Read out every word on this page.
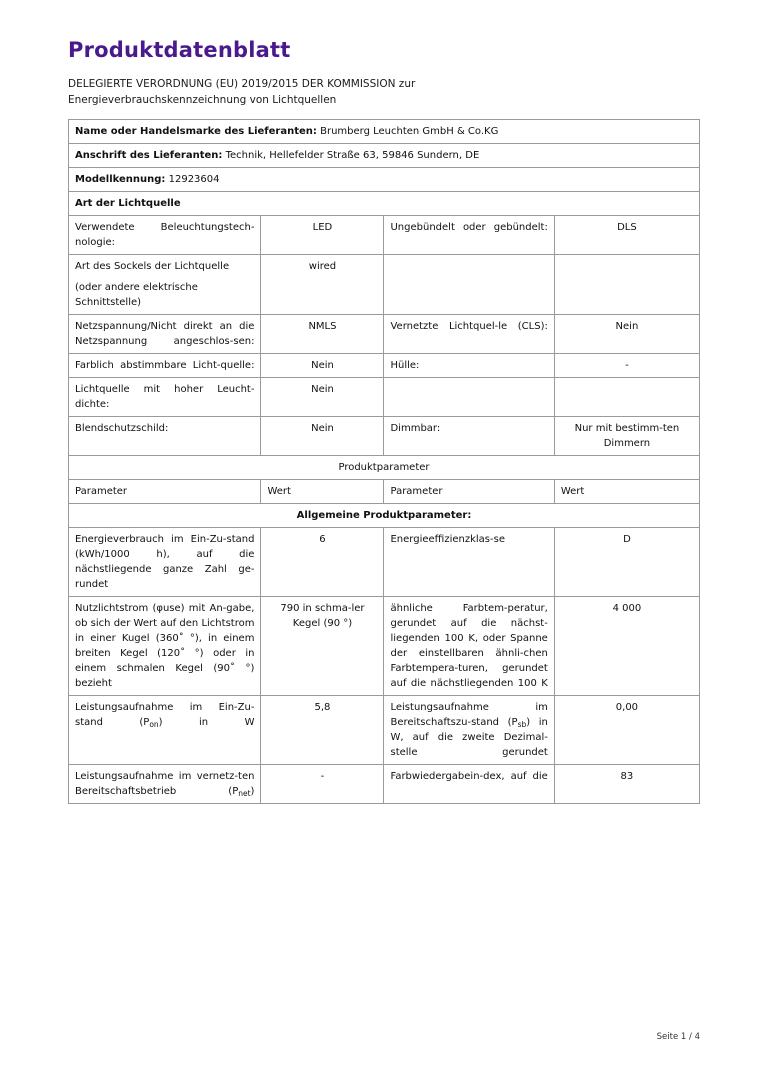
Produktdatenblatt

DELEGIERTE VERORDNUNG (EU) 2019/2015 DER KOMMISSION zur
Energieverbrauchskennzeichnung von Lichtquellen

Name oder Handelsmarke des Lieferanten: Brumberg Leuchten GmbH & Co.KG			
Anschrift des Lieferanten: Technik, Hellefelder Straße 63, 59846 Sundern, DE			
Modellkennung: 12923604			
Art der Lichtquelle			
Verwendete Beleuchtungstech-nologie:	LED	Ungebündelt oder gebündelt:	DLS

Art des Sockels der Lichtquelle
(oder andere elektrische Schnittstelle)	wired		
Netzspannung/Nicht direkt an die Netzspannung angeschlos-sen:	NMLS	Vernetzte Lichtquel-le (CLS):	Nein
Farblich abstimmbare Licht-quelle:	Nein	Hülle:	-
Lichtquelle mit hoher Leucht-dichte:	Nein		
Blendschutzschild:	Nein	Dimmbar:	Nur mit bestimm-ten Dimmern
Produktparameter			
Parameter	Wert	Parameter	Wert
Allgemeine Produktparameter:			
Energieverbrauch im Ein-Zu-stand (kWh/1000 h), auf die nächstliegende ganze Zahl ge-rundet	6	Energieeffizienzklas-se	D
Nutzlichtstrom (φuse) mit An-gabe, ob sich der Wert auf den Lichtstrom in einer Kugel (360˚ °), in einem breiten Kegel (120˚ °) oder in einem schmalen Kegel (90˚ °) bezieht	790 in schma-ler Kegel (90 °)	ähnliche Farbtem-peratur, gerundet auf die nächst-liegenden 100 K, oder Spanne der einstellbaren ähnli-chen Farbtempera-turen, gerundet auf die nächstliegenden 100 K	4 000
Leistungsaufnahme im Ein-Zu-stand $(P_{on})$ in W	5,8	Leistungsaufnahme im Bereitschaftszu-stand $(P_{sb})$ in W, auf die zweite Dezimal-stelle gerundet	0,00
Leistungsaufnahme im vernetz-ten Bereitschaftsbetrieb $(P_{net})$	-	Farbwiedergabein-dex, auf die	83
Seite 1 / 4
